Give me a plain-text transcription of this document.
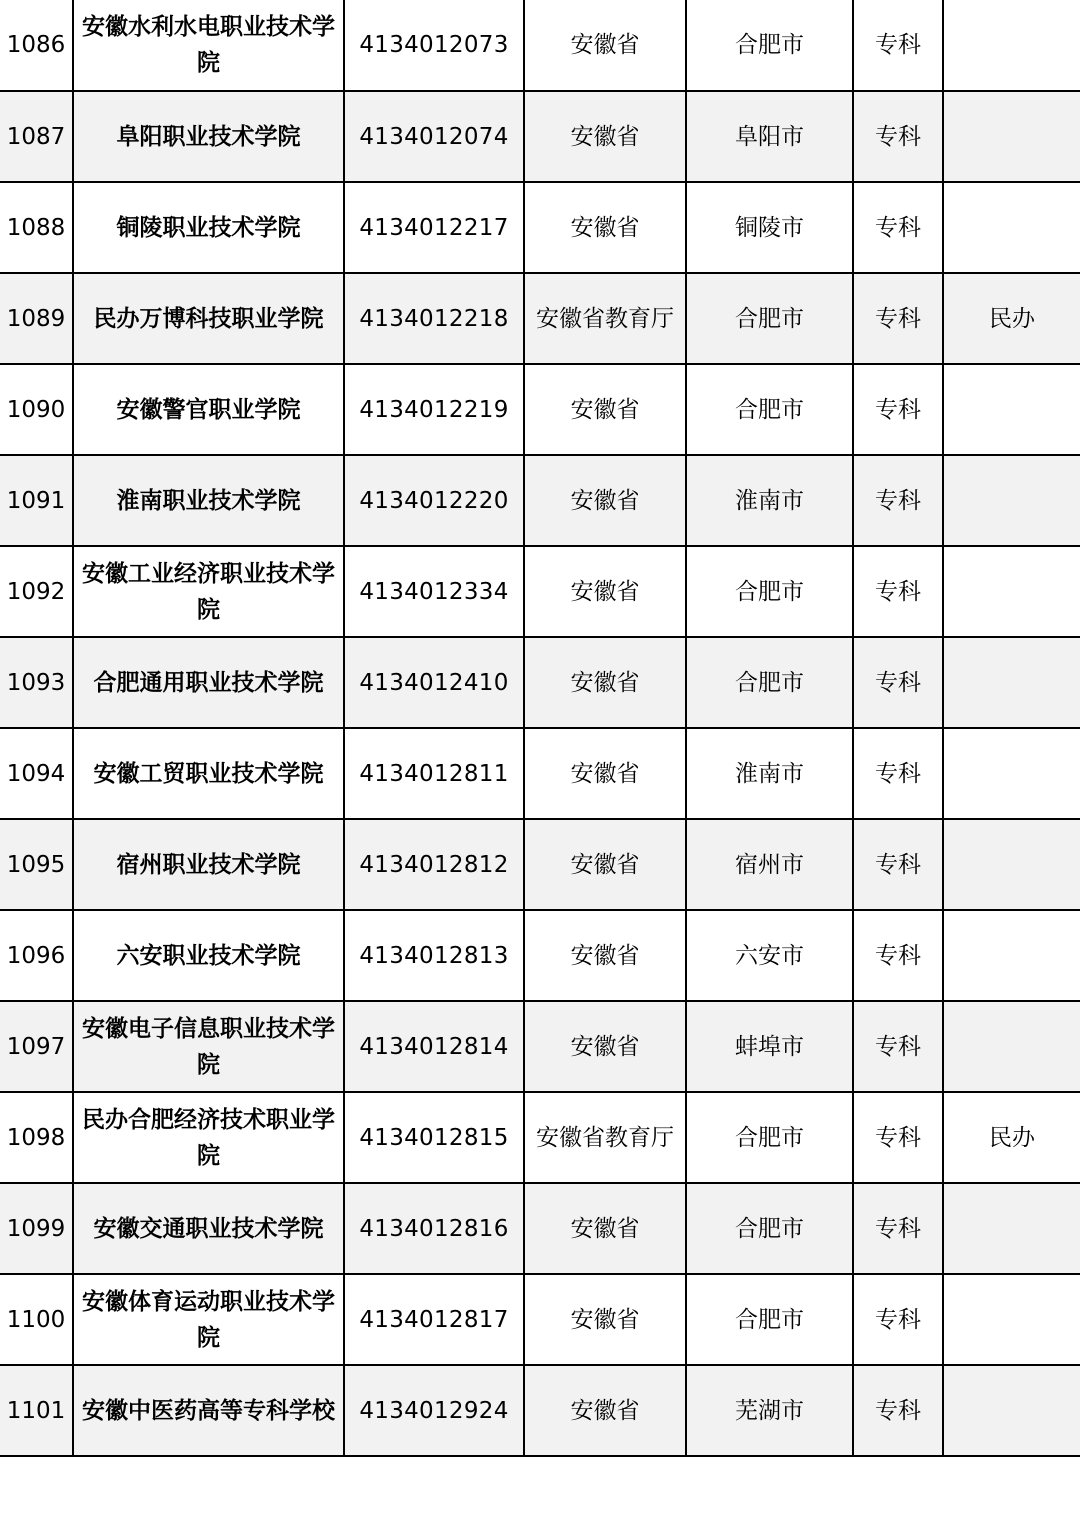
1086	安徽水利水电职业技术学院	4134012073	安徽省	合肥市	专科	
1087	阜阳职业技术学院	4134012074	安徽省	阜阳市	专科	
1088	铜陵职业技术学院	4134012217	安徽省	铜陵市	专科	
1089	民办万博科技职业学院	4134012218	安徽省教育厅	合肥市	专科	民办
1090	安徽警官职业学院	4134012219	安徽省	合肥市	专科	
1091	淮南职业技术学院	4134012220	安徽省	淮南市	专科	
1092	安徽工业经济职业技术学院	4134012334	安徽省	合肥市	专科	
1093	合肥通用职业技术学院	4134012410	安徽省	合肥市	专科	
1094	安徽工贸职业技术学院	4134012811	安徽省	淮南市	专科	
1095	宿州职业技术学院	4134012812	安徽省	宿州市	专科	
1096	六安职业技术学院	4134012813	安徽省	六安市	专科	
1097	安徽电子信息职业技术学院	4134012814	安徽省	蚌埠市	专科	
1098	民办合肥经济技术职业学院	4134012815	安徽省教育厅	合肥市	专科	民办
1099	安徽交通职业技术学院	4134012816	安徽省	合肥市	专科	
1100	安徽体育运动职业技术学院	4134012817	安徽省	合肥市	专科	
1101	安徽中医药高等专科学校	4134012924	安徽省	芜湖市	专科	
